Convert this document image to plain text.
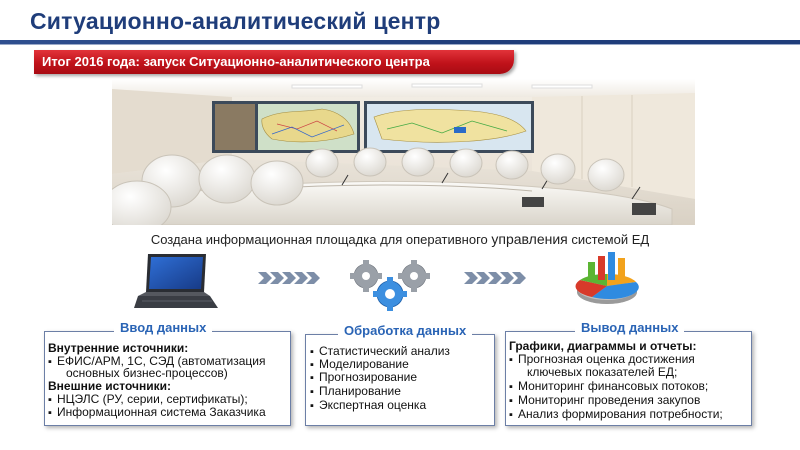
Ситуационно-аналитический центр
Итог 2016 года: запуск Ситуационно-аналитического центра
Создана информационная площадка для оперативного управления системой ЕД
Ввод данных
Внутренние источники:
▪ ЕФИС/АРМ, 1С, СЭД (автоматизация
основных бизнес-процессов)
Внешние источники:
▪ НЦЭЛС (РУ, серии, сертификаты);
▪ Информационная система Заказчика
Обработка данных
▪ Статистический анализ
▪ Моделирование
▪ Прогнозирование
▪ Планирование
▪ Экспертная оценка
Вывод данных
Графики, диаграммы и отчеты:
▪ Прогнозная оценка достижения
ключевых показателей ЕД;
▪ Мониторинг финансовых потоков;
▪ Мониторинг проведения закупов
▪ Анализ формирования потребности;
